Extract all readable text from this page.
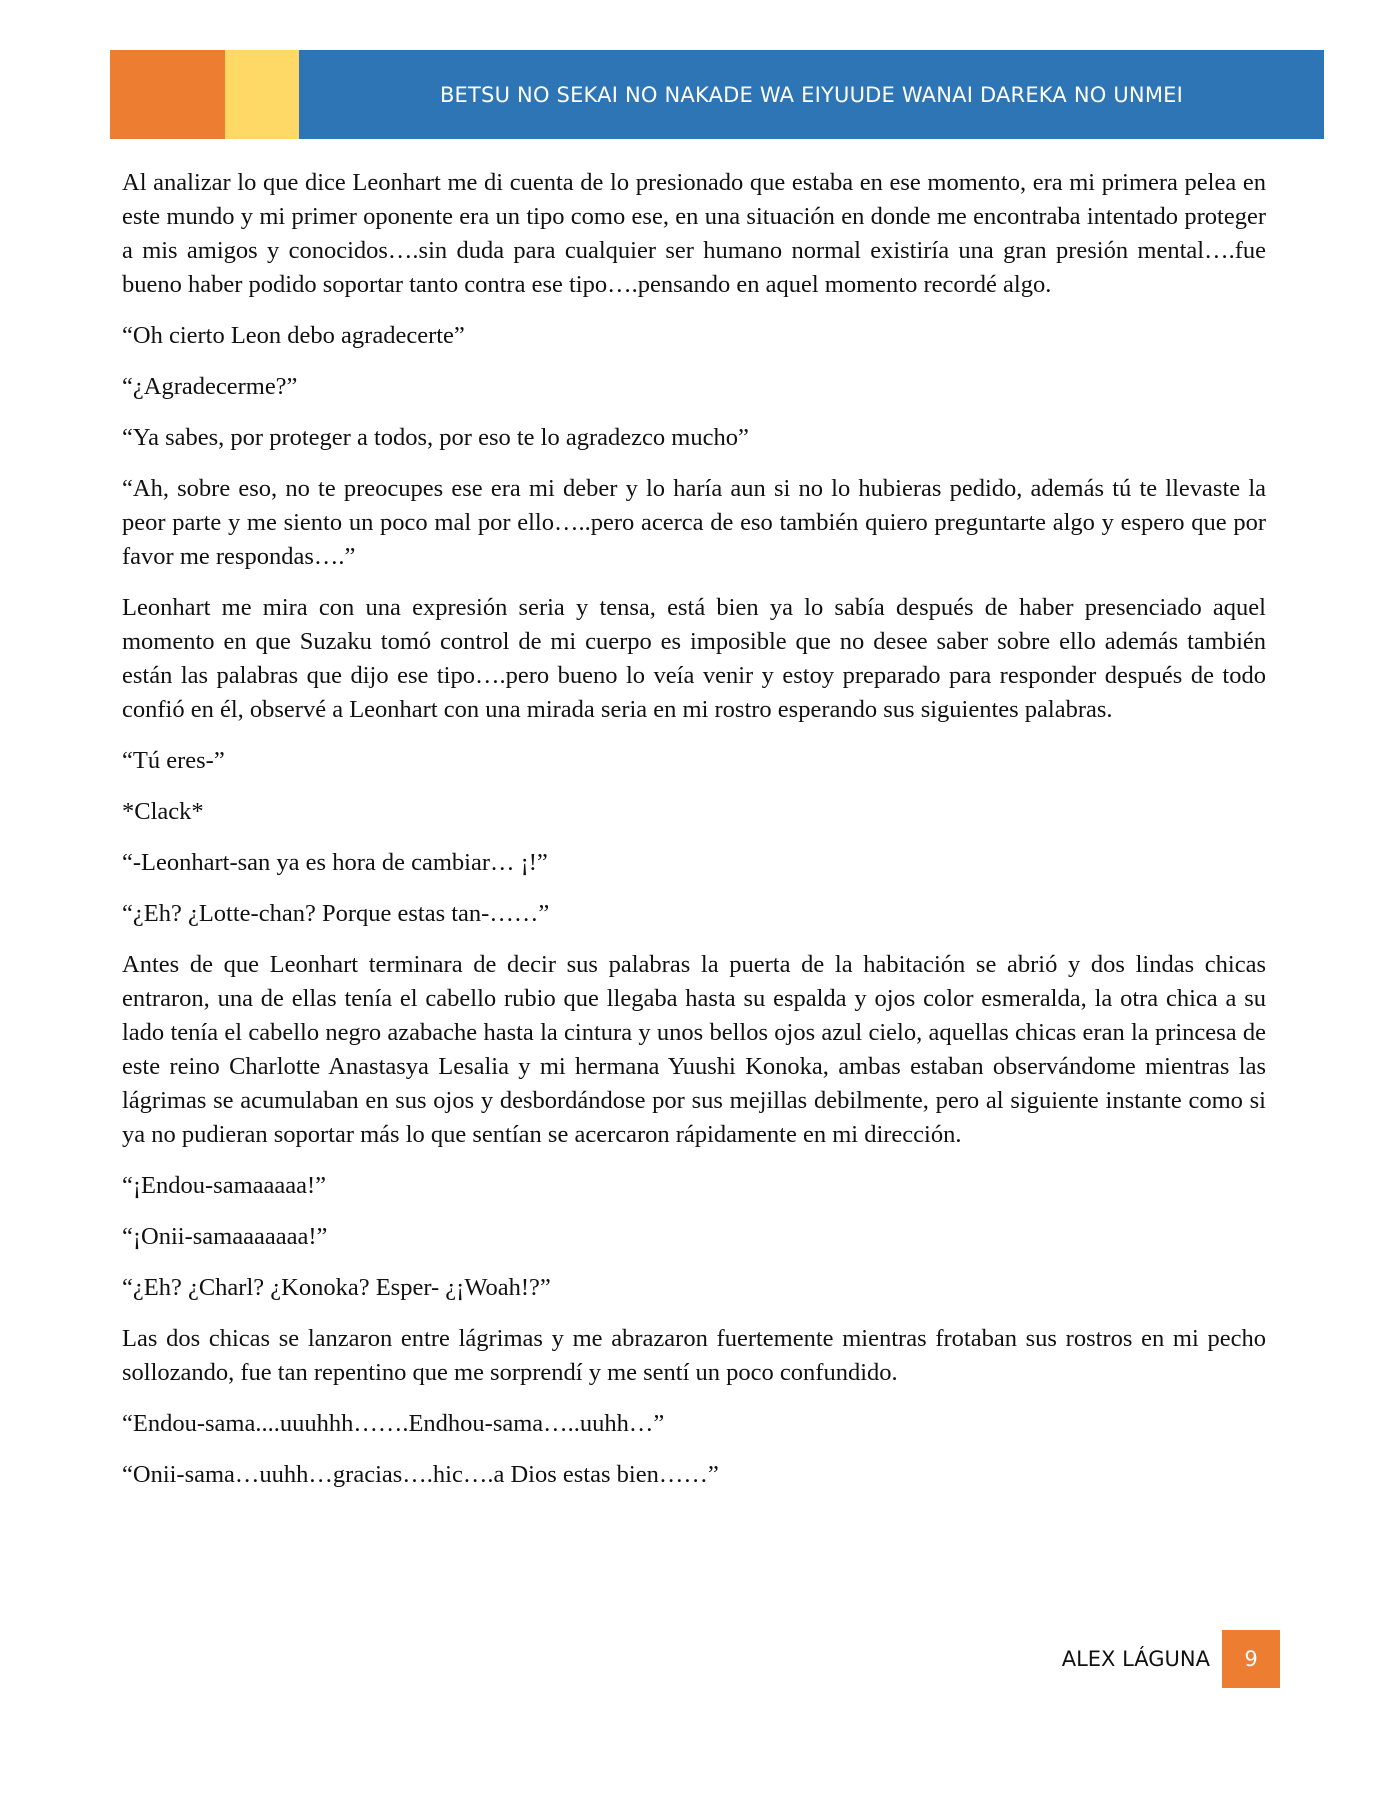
BETSU NO SEKAI NO NAKADE WA EIYUUDE WANAI DAREKA NO UNMEI

Al analizar lo que dice Leonhart me di cuenta de lo presionado que estaba en ese momento, era mi primera pelea en este mundo y mi primer oponente era un tipo como ese, en una situación en donde me encontraba intentado proteger a mis amigos y conocidos….sin duda para cualquier ser humano normal existiría una gran presión mental….fue bueno haber podido soportar tanto contra ese tipo….pensando en aquel momento recordé algo.

“Oh cierto Leon debo agradecerte”

“¿Agradecerme?”

“Ya sabes, por proteger a todos, por eso te lo agradezco mucho”

“Ah, sobre eso, no te preocupes ese era mi deber y lo haría aun si no lo hubieras pedido, además tú te llevaste la peor parte y me siento un poco mal por ello…..pero acerca de eso también quiero preguntarte algo y espero que por favor me respondas….”

Leonhart me mira con una expresión seria y tensa, está bien ya lo sabía después de haber presenciado aquel momento en que Suzaku tomó control de mi cuerpo es imposible que no desee saber sobre ello además también están las palabras que dijo ese tipo….pero bueno lo veía venir y estoy preparado para responder después de todo confió en él, observé a Leonhart con una mirada seria en mi rostro esperando sus siguientes palabras.

“Tú eres-”

*Clack*

“-Leonhart-san ya es hora de cambiar… ¡!”

“¿Eh? ¿Lotte-chan? Porque estas tan-……”

Antes de que Leonhart terminara de decir sus palabras la puerta de la habitación se abrió y dos lindas chicas entraron, una de ellas tenía el cabello rubio que llegaba hasta su espalda y ojos color esmeralda, la otra chica a su lado tenía el cabello negro azabache hasta la cintura y unos bellos ojos azul cielo, aquellas chicas eran la princesa de este reino Charlotte Anastasya Lesalia y mi hermana Yuushi Konoka, ambas estaban observándome mientras las lágrimas se acumulaban en sus ojos y desbordándose por sus mejillas debilmente, pero al siguiente instante como si ya no pudieran soportar más lo que sentían se acercaron rápidamente en mi dirección.

“¡Endou-samaaaaa!”

“¡Onii-samaaaaaaa!”

“¿Eh? ¿Charl? ¿Konoka? Esper- ¿¡Woah!?”

Las dos chicas se lanzaron entre lágrimas y me abrazaron fuertemente mientras frotaban sus rostros en mi pecho sollozando, fue tan repentino que me sorprendí y me sentí un poco confundido.

“Endou-sama....uuuhhh…….Endhou-sama…..uuhh…”

“Onii-sama…uuhh…gracias….hic….a Dios estas bien……”

ALEX LÁGUNA 9
